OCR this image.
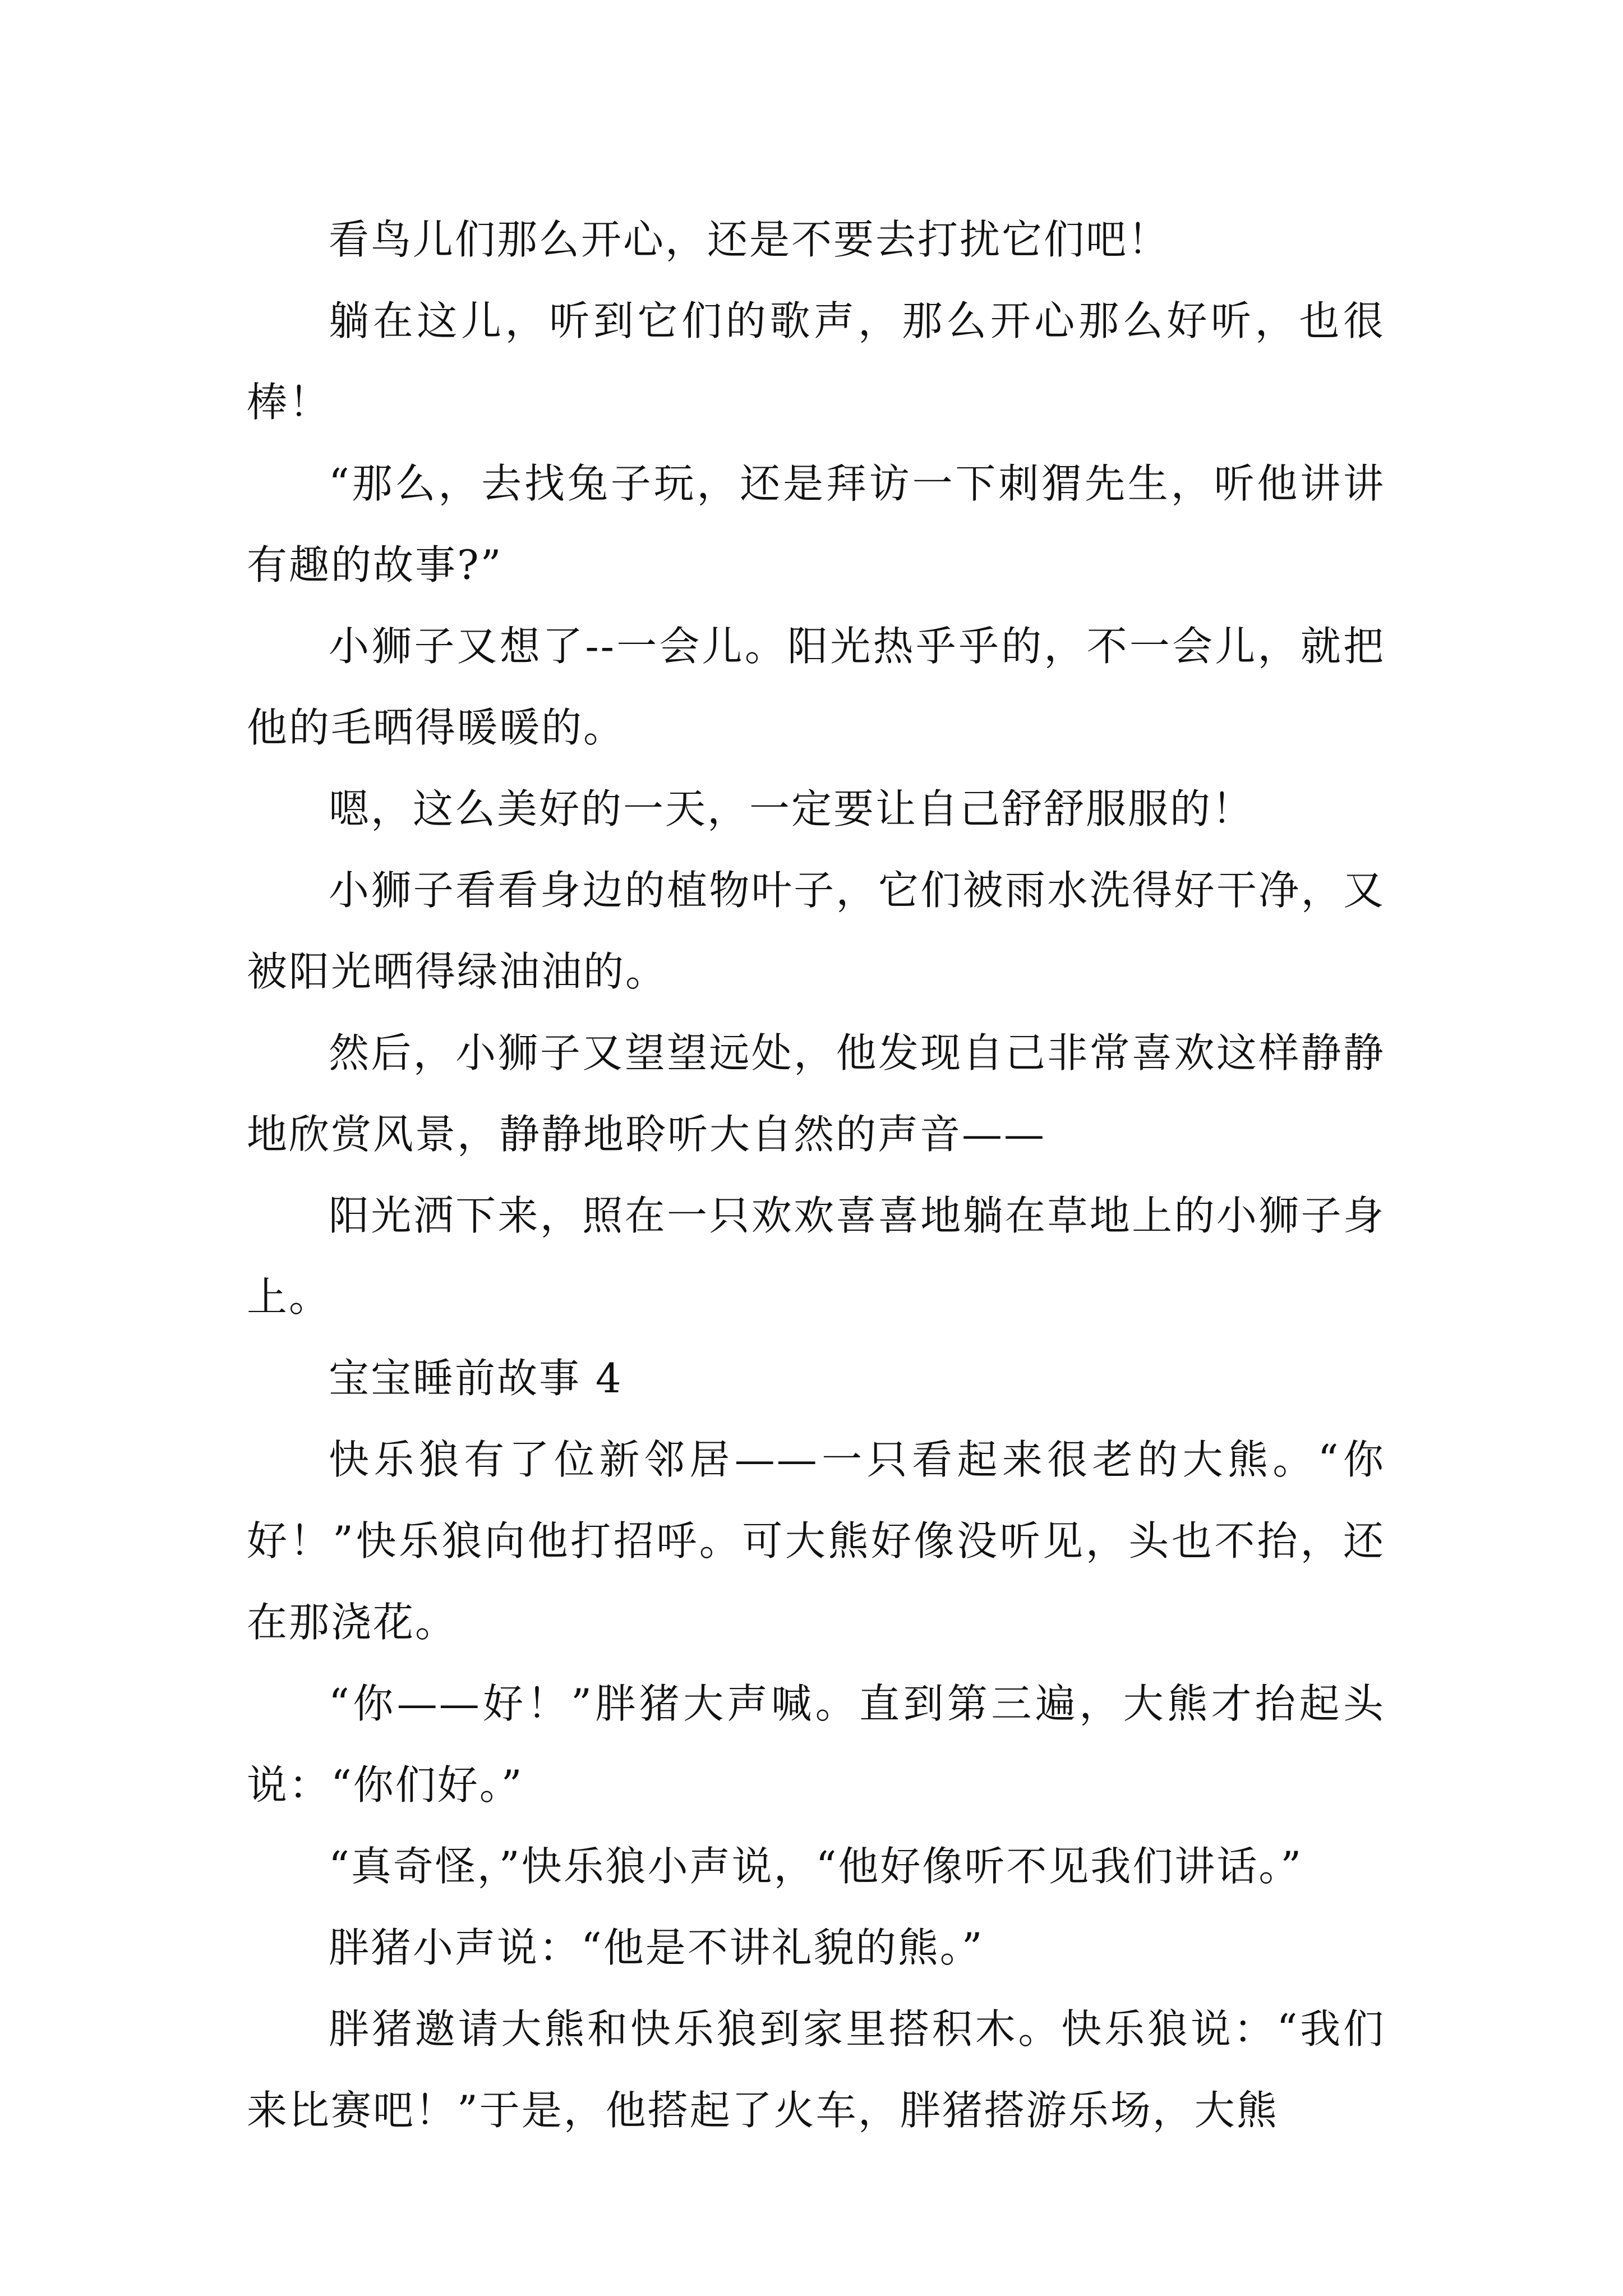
看鸟儿们那么开心，还是不要去打扰它们吧！

躺在这儿，听到它们的歌声，那么开心那么好听，也很棒！

“那么，去找兔子玩，还是拜访一下刺猬先生，听他讲讲有趣的故事?”

小狮子又想了--一会儿。阳光热乎乎的，不一会儿，就把他的毛晒得暖暖的。

嗯，这么美好的一天，一定要让自己舒舒服服的！

小狮子看看身边的植物叶子，它们被雨水洗得好干净，又被阳光晒得绿油油的。

然后，小狮子又望望远处，他发现自己非常喜欢这样静静地欣赏风景，静静地聆听大自然的声音——

阳光洒下来，照在一只欢欢喜喜地躺在草地上的小狮子身上。

宝宝睡前故事 4

快乐狼有了位新邻居——一只看起来很老的大熊。“你好！”快乐狼向他打招呼。可大熊好像没听见，头也不抬，还在那浇花。

“你——好！”胖猪大声喊。直到第三遍，大熊才抬起头说：“你们好。”

“真奇怪，”快乐狼小声说，“他好像听不见我们讲话。”

胖猪小声说：“他是不讲礼貌的熊。”

胖猪邀请大熊和快乐狼到家里搭积木。快乐狼说：“我们来比赛吧！”于是，他搭起了火车，胖猪搭游乐场，大熊
